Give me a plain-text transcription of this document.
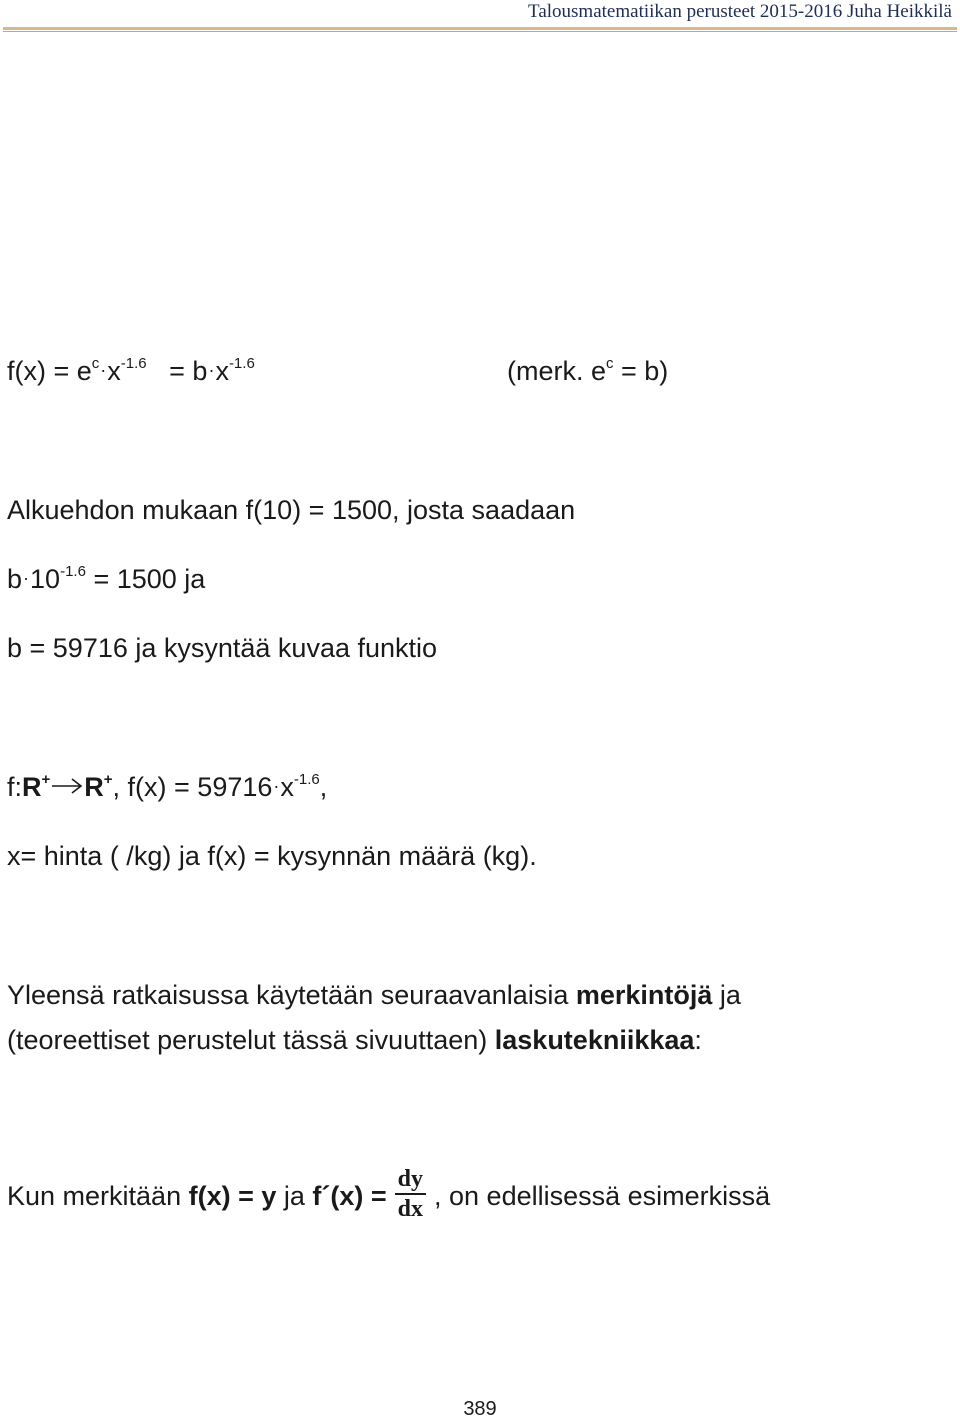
Talousmatematiikan perusteet 2015-2016 Juha Heikkilä
$f(x) = e^c\cdot x^{-1.6} = b\cdot x^{-1.6}$	(merk. $e^c = b$)
Alkuehdon mukaan f(10) = 1500, josta saadaan
$b\cdot 10^{-1.6} = 1500$ ja
b = 59716 ja kysyntää kuvaa funktio
f:R+ R+, $f(x) = 59716\cdot x^{-1.6}$,
x= hinta ( /kg) ja f(x) = kysynnän määrä (kg).
Yleensä ratkaisussa käytetään seuraavanlaisia merkintöjä ja
(teoreettiset perustelut tässä sivuuttaen) laskutekniikkaa:
Kun merkitään f(x) = y ja f´(x) = $\frac{dy}{dx}$ , on edellisessä esimerkissä
389
